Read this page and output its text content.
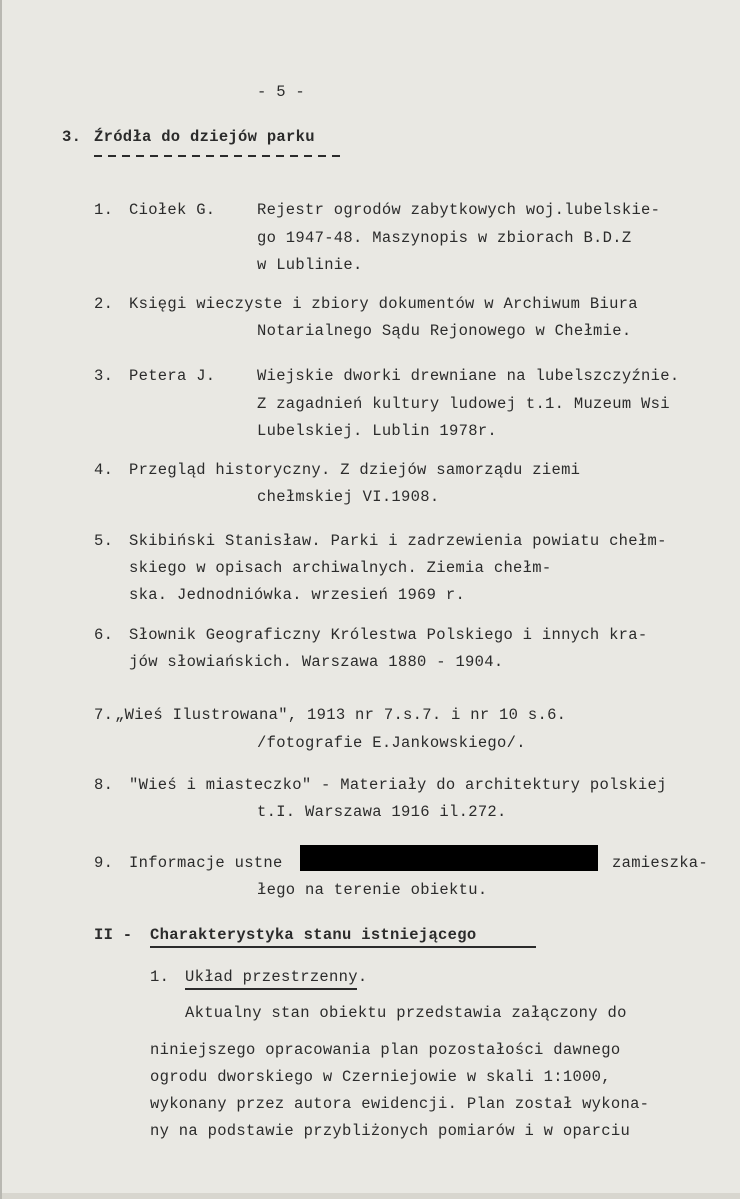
- 5 -
3. Źródła do dziejów parku
1. Ciołek G.	Rejestr ogrodów zabytkowych woj.lubelskie-
go 1947-48. Maszynopis w zbiorach B.D.Z
w Lublinie.
2. Księgi wieczyste i zbiory dokumentów w Archiwum Biura
Notarialnego Sądu Rejonowego w Chełmie.
3. Petera J.	Wiejskie dworki drewniane na lubelszczyźnie.
Z zagadnień kultury ludowej t.1. Muzeum Wsi
Lubelskiej. Lublin 1978r.
4. Przegląd historyczny. Z dziejów samorządu ziemi
chełmskiej VI.1908.
5. Skibiński Stanisław. Parki i zadrzewienia powiatu chełm-
skiego w opisach archiwalnych. Ziemia chełm-
ska. Jednodniówka. wrzesień 1969 r.
6. Słownik Geograficzny Królestwa Polskiego i innych kra-
jów słowiańskich. Warszawa 1880 - 1904.
7. „Wieś Ilustrowana", 1913 nr 7.s.7. i nr 10 s.6.
/fotografie E.Jankowskiego/.
8. "Wieś i miasteczko" - Materiały do architektury polskiej
t.I. Warszawa 1916 il.272.
9. Informacje ustne	zamieszka-
łego na terenie obiektu.
II - Charakterystyka stanu istniejącego
1. Układ przestrzenny.
Aktualny stan obiektu przedstawia załączony do
niniejszego opracowania plan pozostałości dawnego
ogrodu dworskiego w Czerniejowie w skali 1:1000,
wykonany przez autora ewidencji. Plan został wykona-
ny na podstawie przybliżonych pomiarów i w oparciu
